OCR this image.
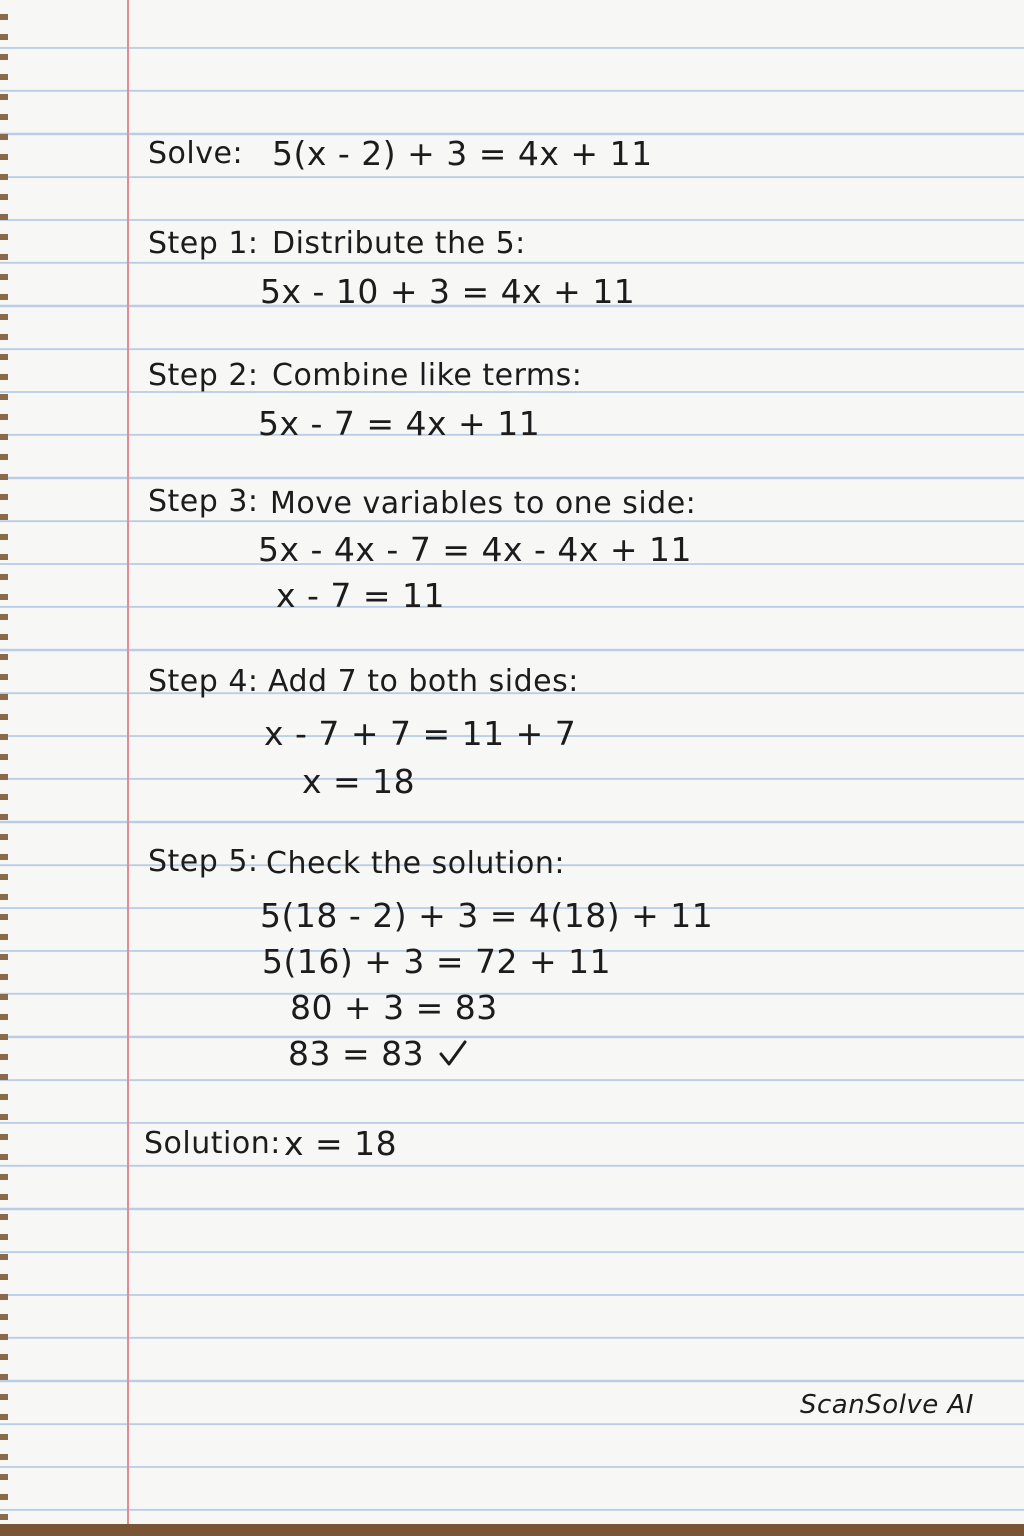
Solve: 5(x - 2) + 3 = 4x + 11

Step 1: Distribute the 5:

5x - 10 + 3 = 4x + 11

Step 2: Combine like terms:

5x - 7 = 4x + 11

Step 3: Move variables to one side:

5x - 4x - 7 = 4x - 4x + 11

x - 7 = 11

Step 4: Add 7 to both sides:

x - 7 + 7 = 11 + 7

x = 18

Step 5: Check the solution:

5(18 - 2) + 3 = 4(18) + 11

5(16) + 3 = 72 + 11

80 + 3 = 83

83 = 83

Solution: x = 18

ScanSolve AI
